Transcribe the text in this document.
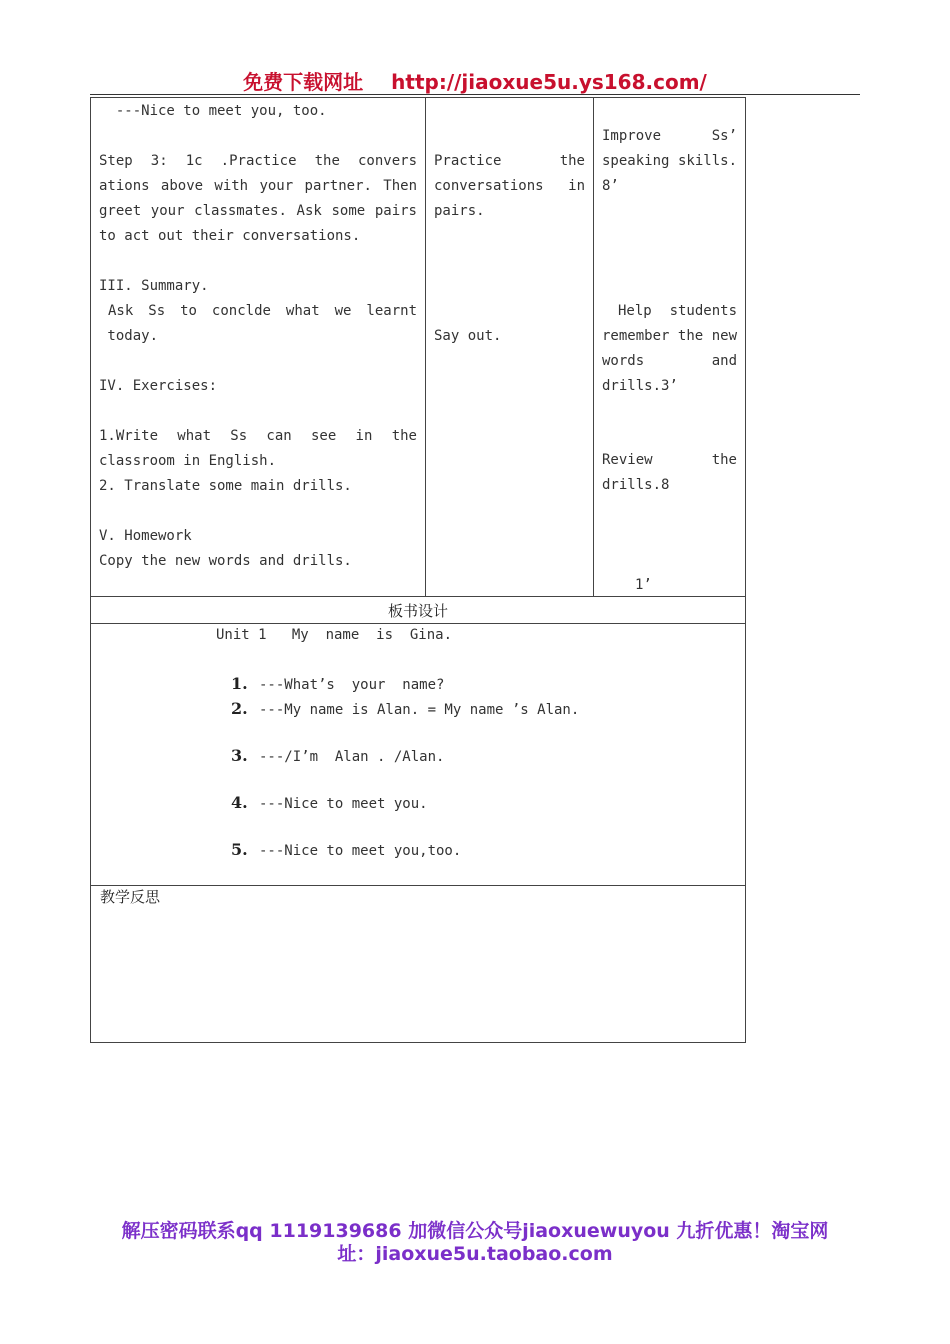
免费下载网址 http://jiaoxue5u.ys168.com/
---Nice to meet you, too.
Step 3: 1c .Practice the convers
ations above with your partner. Then
greet your classmates. Ask some pairs
to act out their conversations.
III. Summary.
Ask Ss to conclde what we learnt
today.
IV. Exercises:
1.Write what Ss can see in the
classroom in English.
2. Translate some main drills.
V. Homework
Copy the new words and drills.
Practice the
conversations in
pairs.
Say out.
Improve Ss’
speaking skills.
8’
Help students
remember the new
words and
drills.3’
Review the
drills.8
1’
板书设计
Unit 1   My  name  is  Gina.
1. ---What’s  your  name?
2. ---My name is Alan. = My name ’s Alan.
3. ---/I’m  Alan . /Alan.
4. ---Nice to meet you.
5. ---Nice to meet you,too.
教学反思
解压密码联系qq 1119139686 加微信公众号jiaoxuewuyou 九折优惠！淘宝网
址：jiaoxue5u.taobao.com
